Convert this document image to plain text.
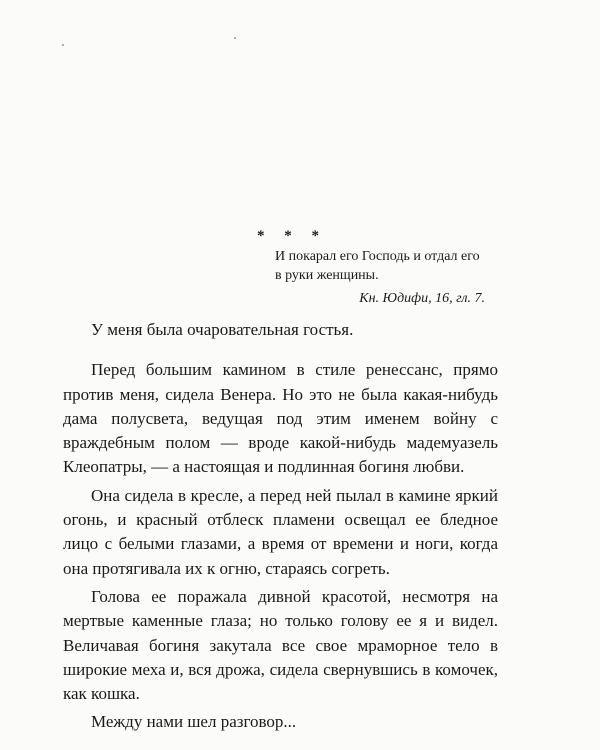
* * *
И покарал его Господь и отдал его
в руки женщины.
Кн. Юдифи, 16, гл. 7.

У меня была очаровательная гостья.

Перед большим камином в стиле ренессанс, прямо против меня, сидела Венера. Но это не была какая-нибудь дама полусвета, ведущая под этим именем войну с враждебным полом — вроде какой-нибудь мадемуазель Клеопатры, — а настоящая и подлинная богиня любви.

Она сидела в кресле, а перед ней пылал в камине яркий огонь, и красный отблеск пламени освещал ее бледное лицо с белыми глазами, а время от времени и ноги, когда она протягивала их к огню, стараясь согреть.

Голова ее поражала дивной красотой, несмотря на мертвые каменные глаза; но только голову ее я и видел. Величавая богиня закутала все свое мраморное тело в широкие меха и, вся дрожа, сидела свернувшись в комочек, как кошка.

Между нами шел разговор...
